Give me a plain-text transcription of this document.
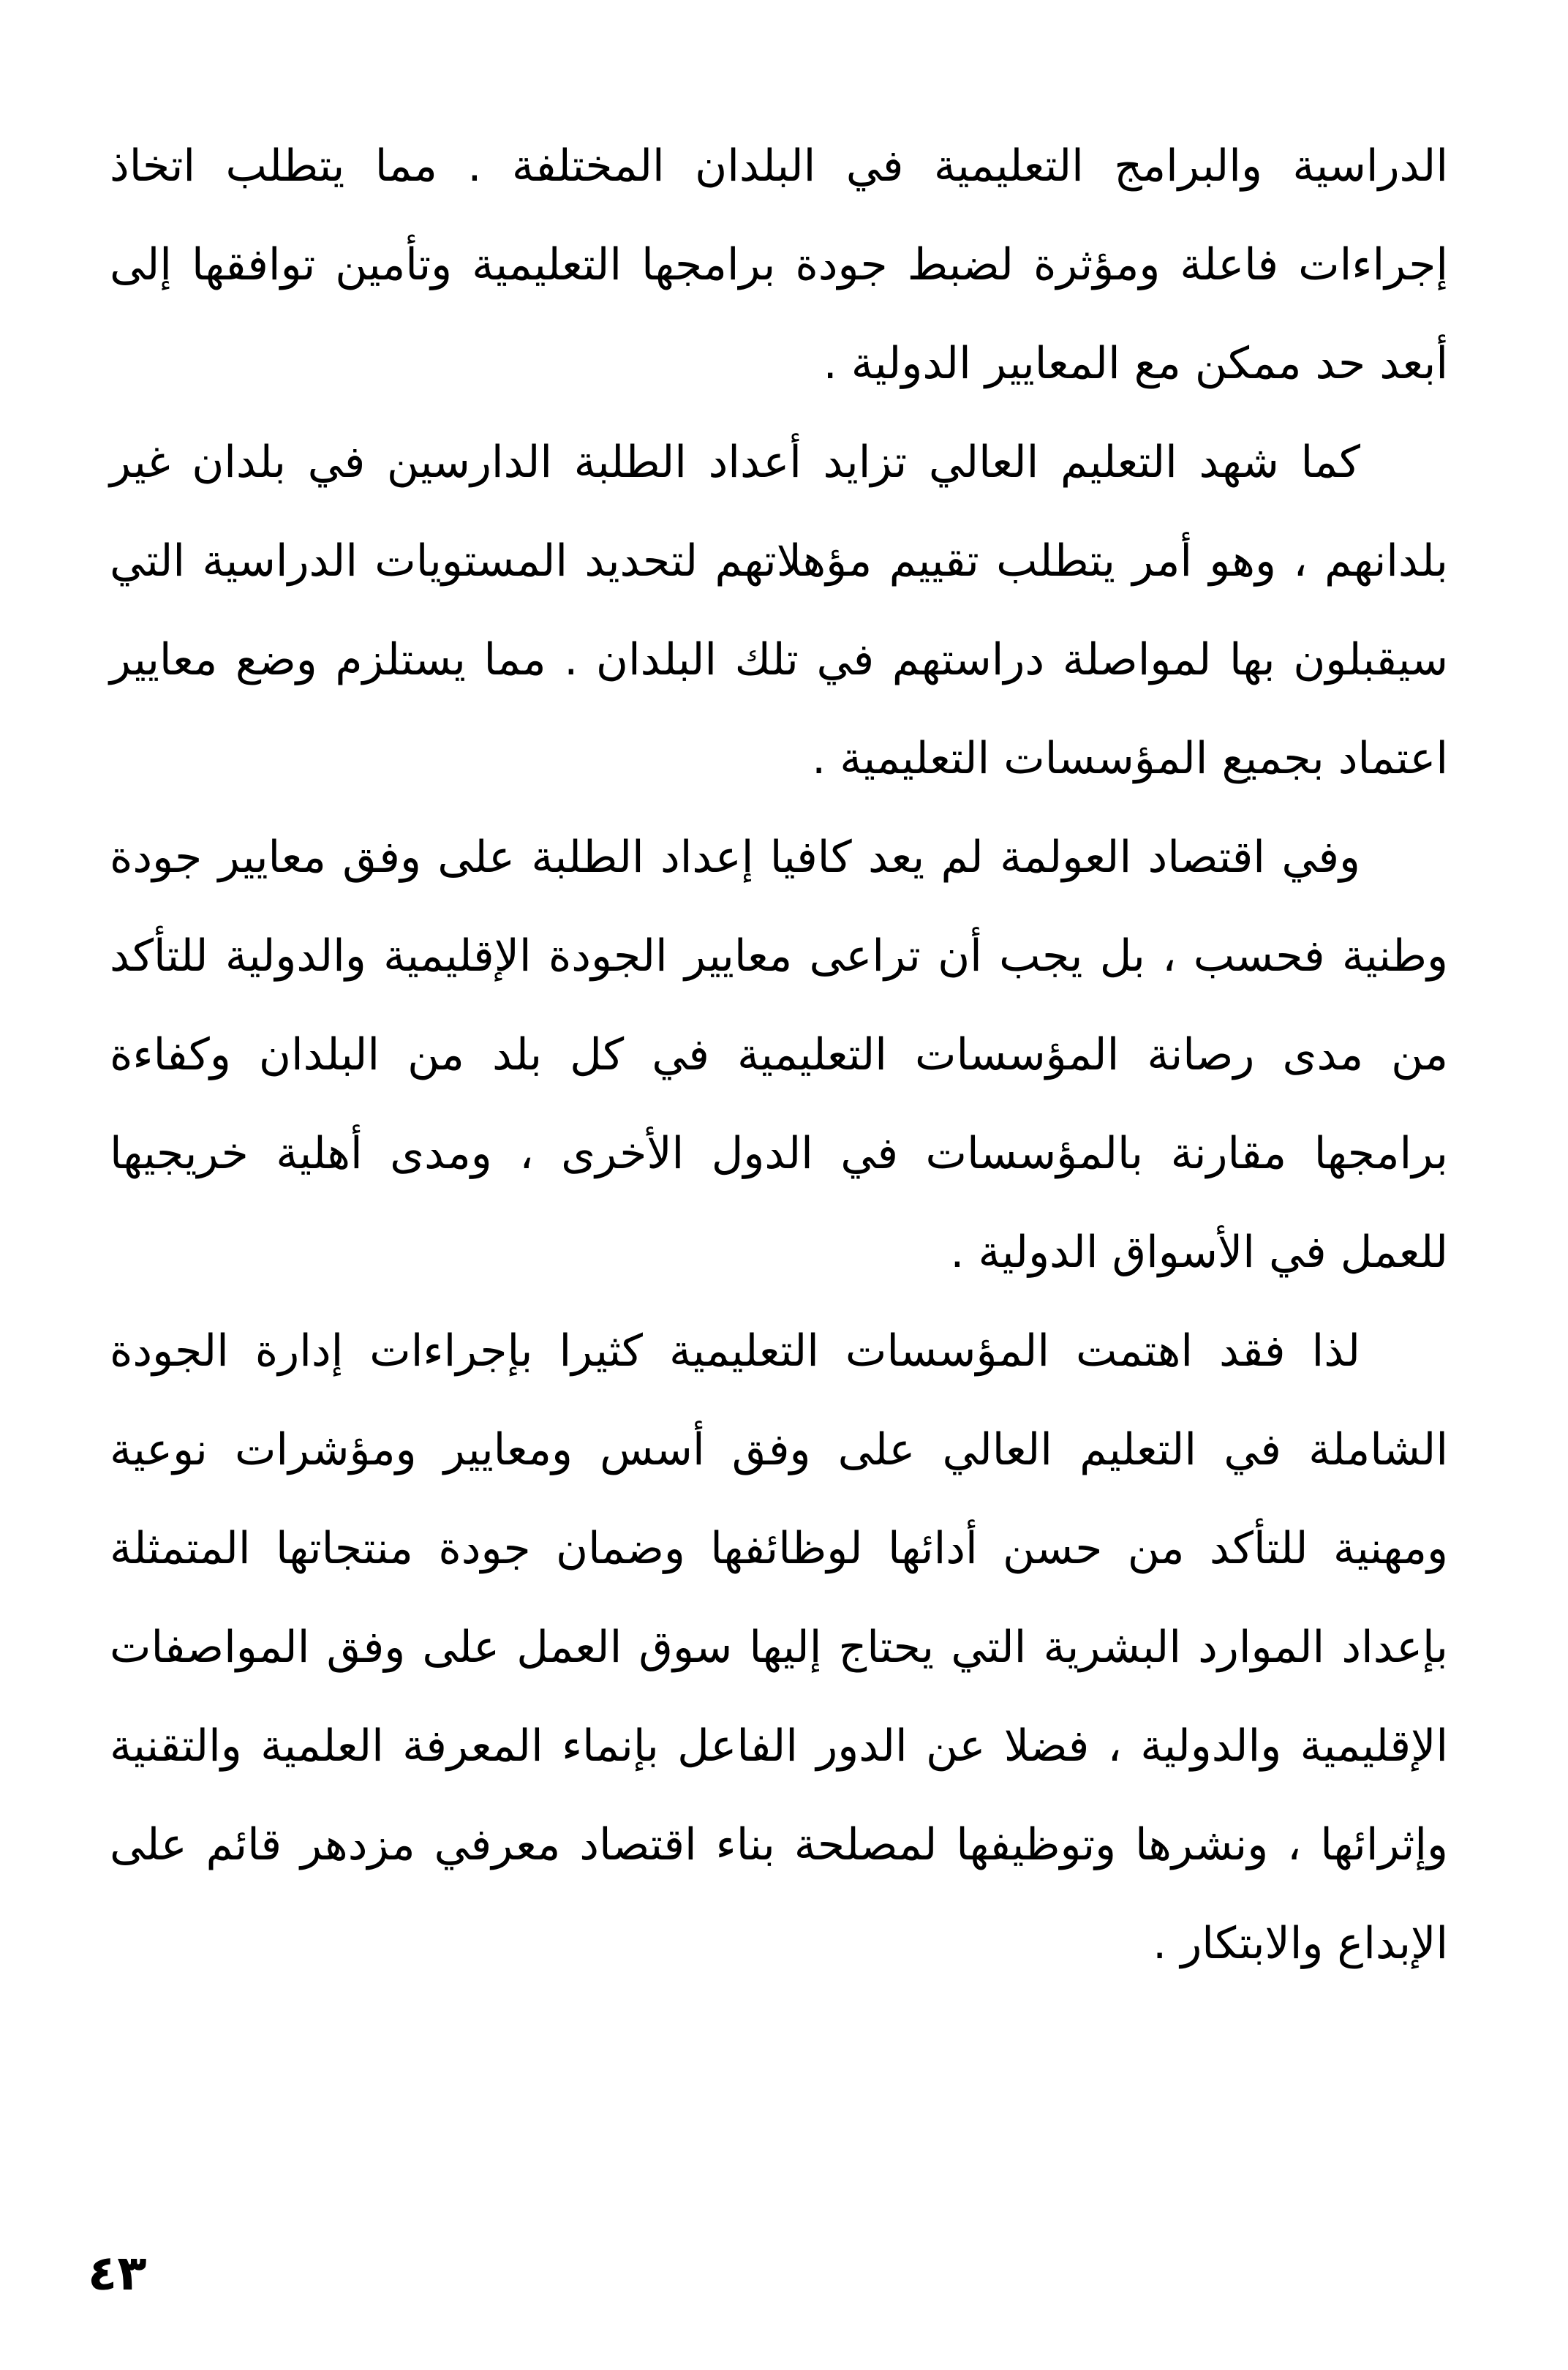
الدراسية والبرامج التعليمية في البلدان المختلفة . مما يتطلب اتخاذ إجراءات فاعلة ومؤثرة لضبط جودة برامجها التعليمية وتأمين توافقها إلى أبعد حد ممكن مع المعايير الدولية .

كما شهد التعليم العالي تزايد أعداد الطلبة الدارسين في بلدان غير بلدانهم ، وهو أمر يتطلب تقييم مؤهلاتهم لتحديد المستويات الدراسية التي سيقبلون بها لمواصلة دراستهم في تلك البلدان . مما يستلزم وضع معايير اعتماد بجميع المؤسسات التعليمية .

وفي اقتصاد العولمة لم يعد كافيا إعداد الطلبة على وفق معايير جودة وطنية فحسب ، بل يجب أن تراعى معايير الجودة الإقليمية والدولية للتأكد من مدى رصانة المؤسسات التعليمية في كل بلد من البلدان وكفاءة برامجها مقارنة بالمؤسسات في الدول الأخرى ، ومدى أهلية خريجيها للعمل في الأسواق الدولية .

لذا فقد اهتمت المؤسسات التعليمية كثيرا بإجراءات إدارة الجودة الشاملة في التعليم العالي على وفق أسس ومعايير ومؤشرات نوعية ومهنية للتأكد من حسن أدائها لوظائفها وضمان جودة منتجاتها المتمثلة بإعداد الموارد البشرية التي يحتاج إليها سوق العمل على وفق المواصفات الإقليمية والدولية ، فضلا عن الدور الفاعل بإنماء المعرفة العلمية والتقنية وإثرائها ، ونشرها وتوظيفها لمصلحة بناء اقتصاد معرفي مزدهر قائم على الإبداع والابتكار .

٤٣
